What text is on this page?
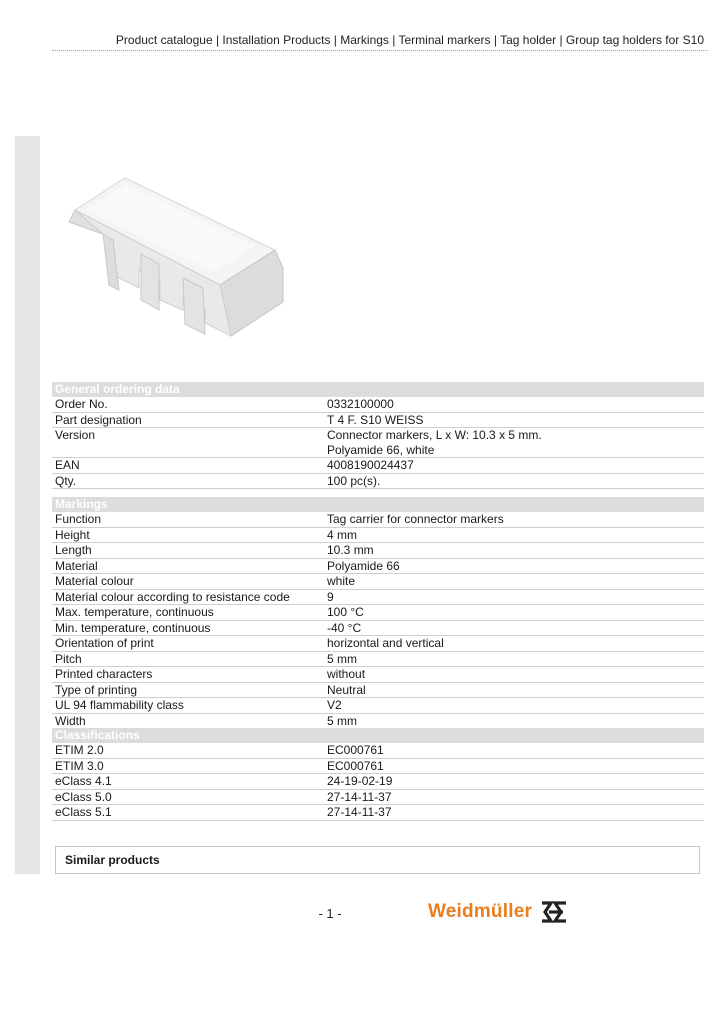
Product catalogue | Installation Products | Markings | Terminal markers | Tag holder | Group tag holders for S10
General ordering data
Order No.	0332100000
Part designation	T 4 F. S10 WEISS
Version	Connector markers, L x W: 10.3 x 5 mm.
Polyamide 66, white
EAN	4008190024437
Qty.	100 pc(s).
Markings
Function	Tag carrier for connector markers
Height	4 mm
Length	10.3 mm
Material	Polyamide 66
Material colour	white
Material colour according to resistance code	9
Max. temperature, continuous	100 °C
Min. temperature, continuous	-40 °C
Orientation of print	horizontal and vertical
Pitch	5 mm
Printed characters	without
Type of printing	Neutral
UL 94 flammability class	V2
Width	5 mm
Classifications
ETIM 2.0	EC000761
ETIM 3.0	EC000761
eClass 4.1	24-19-02-19
eClass 5.0	27-14-11-37
eClass 5.1	27-14-11-37
Similar products
- 1 -	Weidmüller
